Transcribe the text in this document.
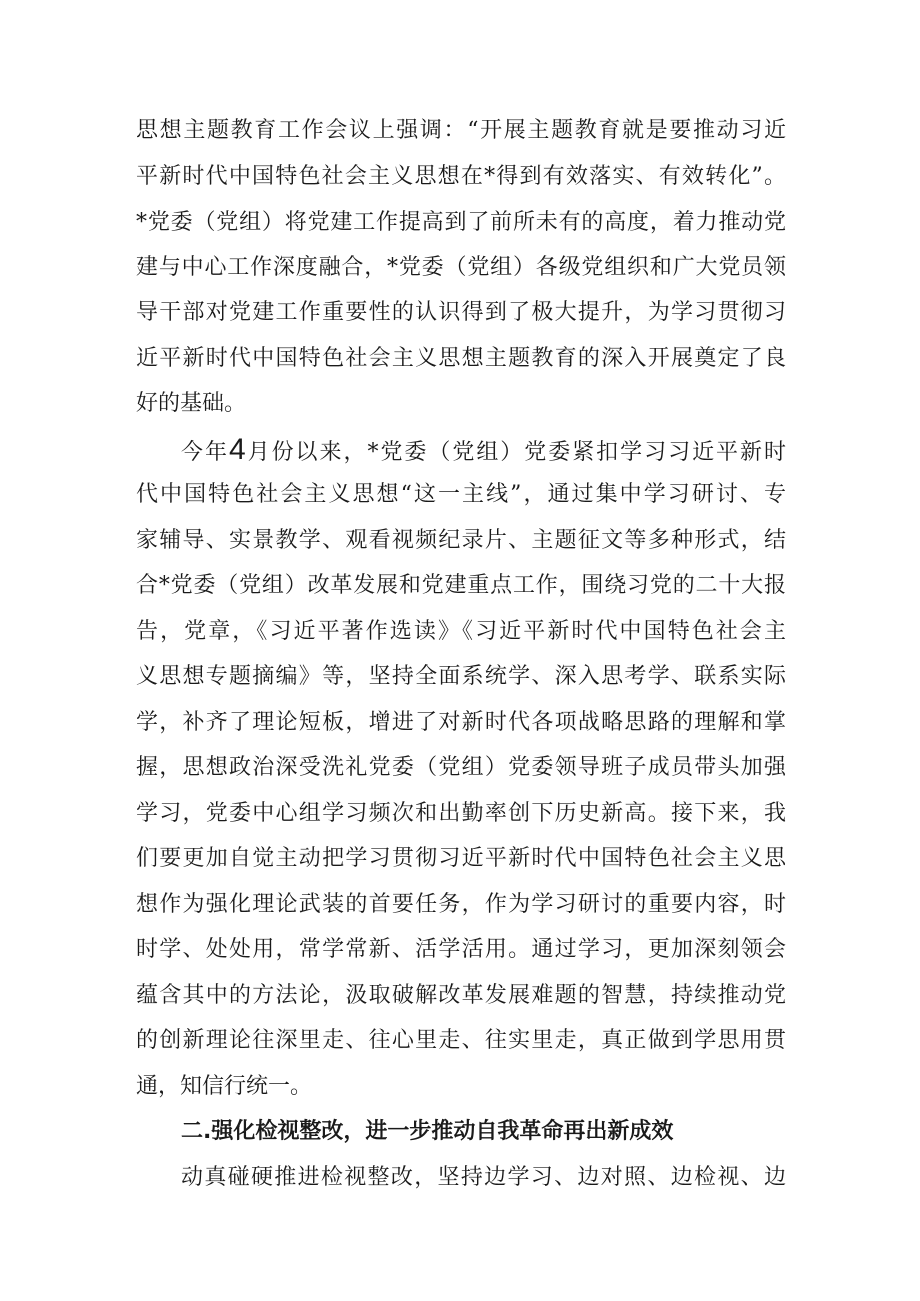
思想主题教育工作会议上强调：“开展主题教育就是要推动习近
平新时代中国特色社会主义思想在*得到有效落实、有效转化”。
*党委（党组）将党建工作提高到了前所未有的高度，着力推动党
建与中心工作深度融合，*党委（党组）各级党组织和广大党员领
导干部对党建工作重要性的认识得到了极大提升，为学习贯彻习
近平新时代中国特色社会主义思想主题教育的深入开展奠定了良
好的基础。
今年4月份以来，*党委（党组）党委紧扣学习习近平新时
代中国特色社会主义思想“这一主线”，通过集中学习研讨、专
家辅导、实景教学、观看视频纪录片、主题征文等多种形式，结
合*党委（党组）改革发展和党建重点工作，围绕习党的二十大报
告，党章，《习近平著作选读》《习近平新时代中国特色社会主
义思想专题摘编》等，坚持全面系统学、深入思考学、联系实际
学，补齐了理论短板，增进了对新时代各项战略思路的理解和掌
握，思想政治深受洗礼党委（党组）党委领导班子成员带头加强
学习，党委中心组学习频次和出勤率创下历史新高。接下来，我
们要更加自觉主动把学习贯彻习近平新时代中国特色社会主义思
想作为强化理论武装的首要任务，作为学习研讨的重要内容，时
时学、处处用，常学常新、活学活用。通过学习，更加深刻领会
蕴含其中的方法论，汲取破解改革发展难题的智慧，持续推动党
的创新理论往深里走、往心里走、往实里走，真正做到学思用贯
通，知信行统一。
二.强化检视整改，进一步推动自我革命再出新成效
动真碰硬推进检视整改，坚持边学习、边对照、边检视、边
